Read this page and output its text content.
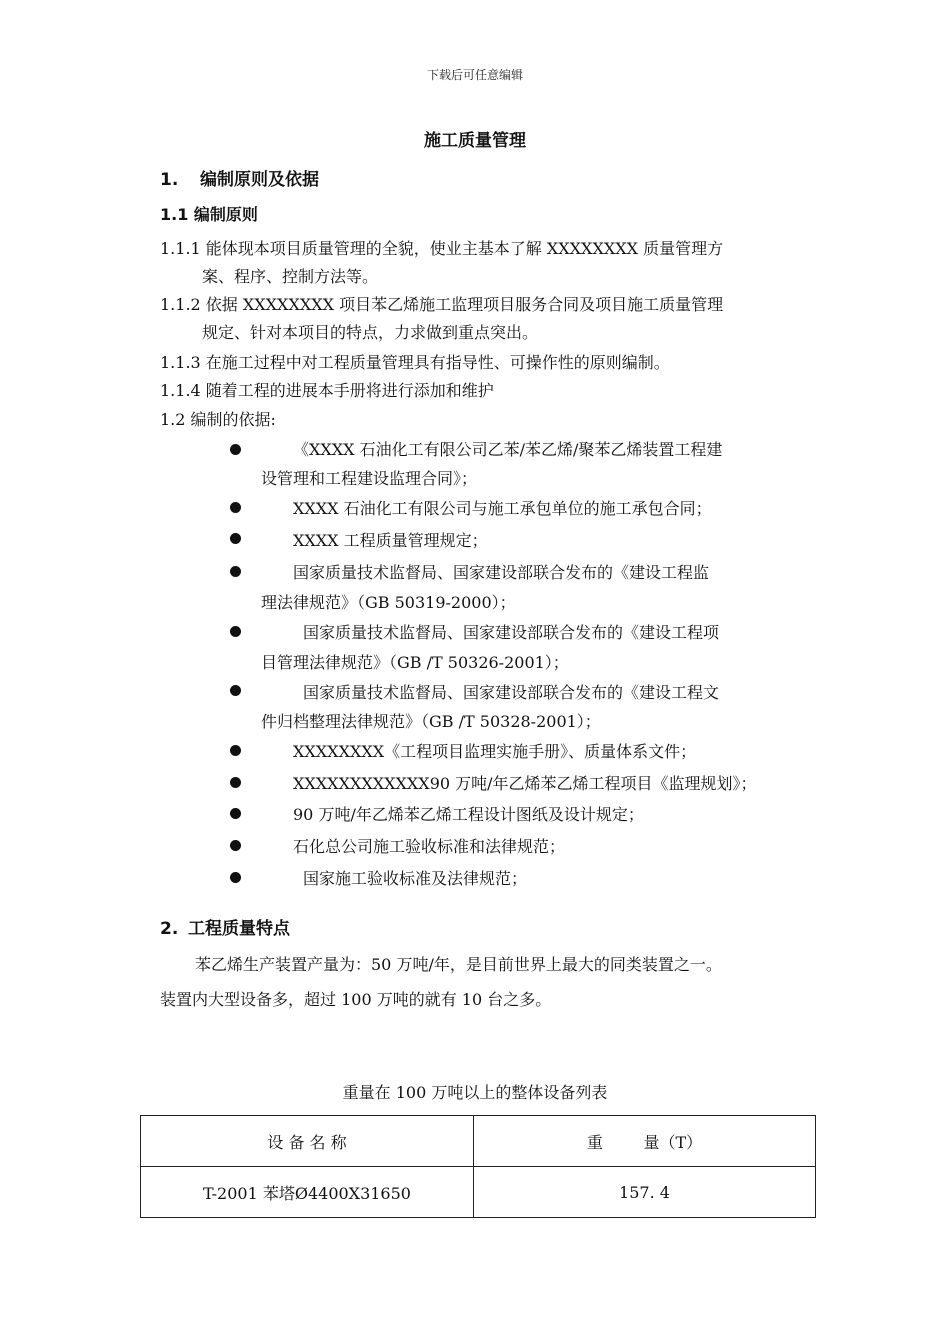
下载后可任意编辑
施工质量管理
1. 编制原则及依据
1.1 编制原则
1.1.1 能体现本项目质量管理的全貌，使业主基本了解 XXXXXXXX 质量管理方
案、程序、控制方法等。
1.1.2 依据 XXXXXXXX 项目苯乙烯施工监理项目服务合同及项目施工质量管理
规定、针对本项目的特点，力求做到重点突出。
1.1.3 在施工过程中对工程质量管理具有指导性、可操作性的原则编制。
1.1.4 随着工程的进展本手册将进行添加和维护
1.2 编制的依据:
《XXXX 石油化工有限公司乙苯/苯乙烯/聚苯乙烯装置工程建
设管理和工程建设监理合同》；
XXXX 石油化工有限公司与施工承包单位的施工承包合同；
XXXX 工程质量管理规定；
国家质量技术监督局、国家建设部联合发布的《建设工程监
理法律规范》（GB 50319-2000）；
国家质量技术监督局、国家建设部联合发布的《建设工程项
目管理法律规范》（GB /T 50326-2001）；
国家质量技术监督局、国家建设部联合发布的《建设工程文
件归档整理法律规范》（GB /T 50328-2001）；
XXXXXXXX《工程项目监理实施手册》、质量体系文件；
XXXXXXXXXXXX90 万吨/年乙烯苯乙烯工程项目《监理规划》；
90 万吨/年乙烯苯乙烯工程设计图纸及设计规定；
石化总公司施工验收标准和法律规范；
国家施工验收标准及法律规范；
2. 工程质量特点
苯乙烯生产装置产量为：50 万吨/年，是目前世界上最大的同类装置之一。
装置内大型设备多，超过 100 万吨的就有 10 台之多。
重量在 100 万吨以上的整体设备列表
设 备 名 称	重        量（T）
T-2001 苯塔Ø4400X31650	157. 4
